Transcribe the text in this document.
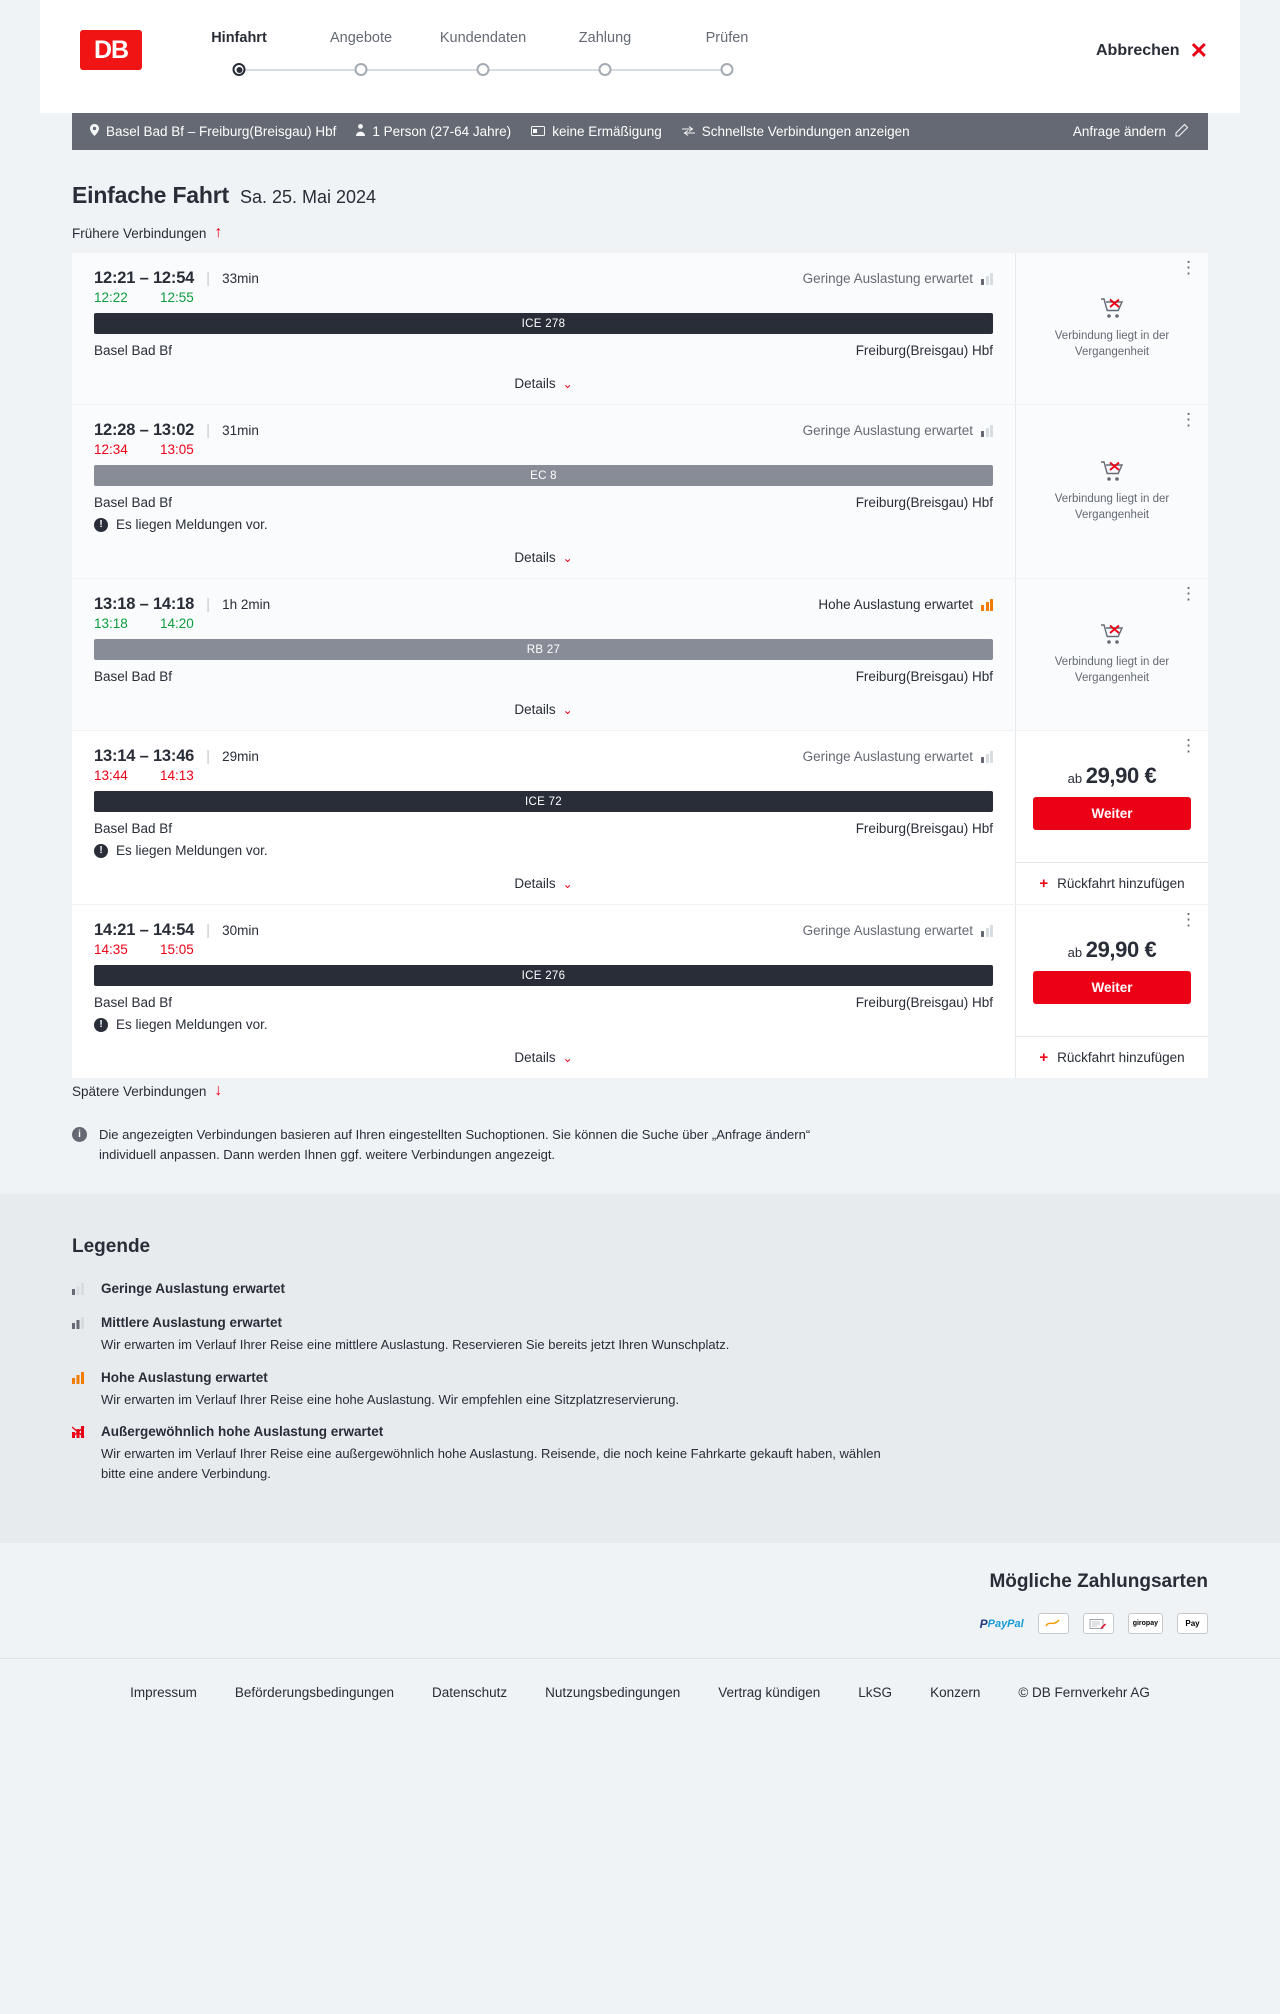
DB	Hinfahrt	Angebote	Kundendaten	Zahlung	Prüfen
Abbrechen ✕
Basel Bad Bf – Freiburg(Breisgau) Hbf	1 Person (27-64 Jahre)	keine Ermäßigung	Schnellste Verbindungen anzeigen	Anfrage ändern
Einfache Fahrt Sa. 25. Mai 2024
Frühere Verbindungen ↑
12:21 – 12:54 | 33min	Geringe Auslastung erwartet
12:22	12:55
ICE 278
Basel Bad Bf	Freiburg(Breisgau) Hbf
Details ⌄
⋮
Verbindung liegt in der Vergangenheit
12:28 – 13:02 | 31min	Geringe Auslastung erwartet
12:34	13:05
EC 8
Basel Bad Bf	Freiburg(Breisgau) Hbf
! Es liegen Meldungen vor.
Details ⌄
⋮
Verbindung liegt in der Vergangenheit
13:18 – 14:18 | 1h 2min	Hohe Auslastung erwartet
13:18	14:20
RB 27
Basel Bad Bf	Freiburg(Breisgau) Hbf
Details ⌄
⋮
Verbindung liegt in der Vergangenheit
13:14 – 13:46 | 29min	Geringe Auslastung erwartet
13:44	14:13
ICE 72
Basel Bad Bf	Freiburg(Breisgau) Hbf
! Es liegen Meldungen vor.
Details ⌄
⋮
ab 29,90 €
Weiter
+ Rückfahrt hinzufügen
14:21 – 14:54 | 30min	Geringe Auslastung erwartet
14:35	15:05
ICE 276
Basel Bad Bf	Freiburg(Breisgau) Hbf
! Es liegen Meldungen vor.
Details ⌄
⋮
ab 29,90 €
Weiter
+ Rückfahrt hinzufügen
Spätere Verbindungen ↓
i	Die angezeigten Verbindungen basieren auf Ihren eingestellten Suchoptionen. Sie können die Suche über „Anfrage ändern“ individuell anpassen. Dann werden Ihnen ggf. weitere Verbindungen angezeigt.
Legende
Geringe Auslastung erwartet
Mittlere Auslastung erwartet
Wir erwarten im Verlauf Ihrer Reise eine mittlere Auslastung. Reservieren Sie bereits jetzt Ihren Wunschplatz.
Hohe Auslastung erwartet
Wir erwarten im Verlauf Ihrer Reise eine hohe Auslastung. Wir empfehlen eine Sitzplatzreservierung.
Außergewöhnlich hohe Auslastung erwartet
Wir erwarten im Verlauf Ihrer Reise eine außergewöhnlich hohe Auslastung. Reisende, die noch keine Fahrkarte gekauft haben, wählen bitte eine andere Verbindung.
Mögliche Zahlungsarten
P PayPal	giropay	Pay
Impressum	Beförderungsbedingungen	Datenschutz	Nutzungsbedingungen	Vertrag kündigen	LkSG	Konzern	© DB Fernverkehr AG
